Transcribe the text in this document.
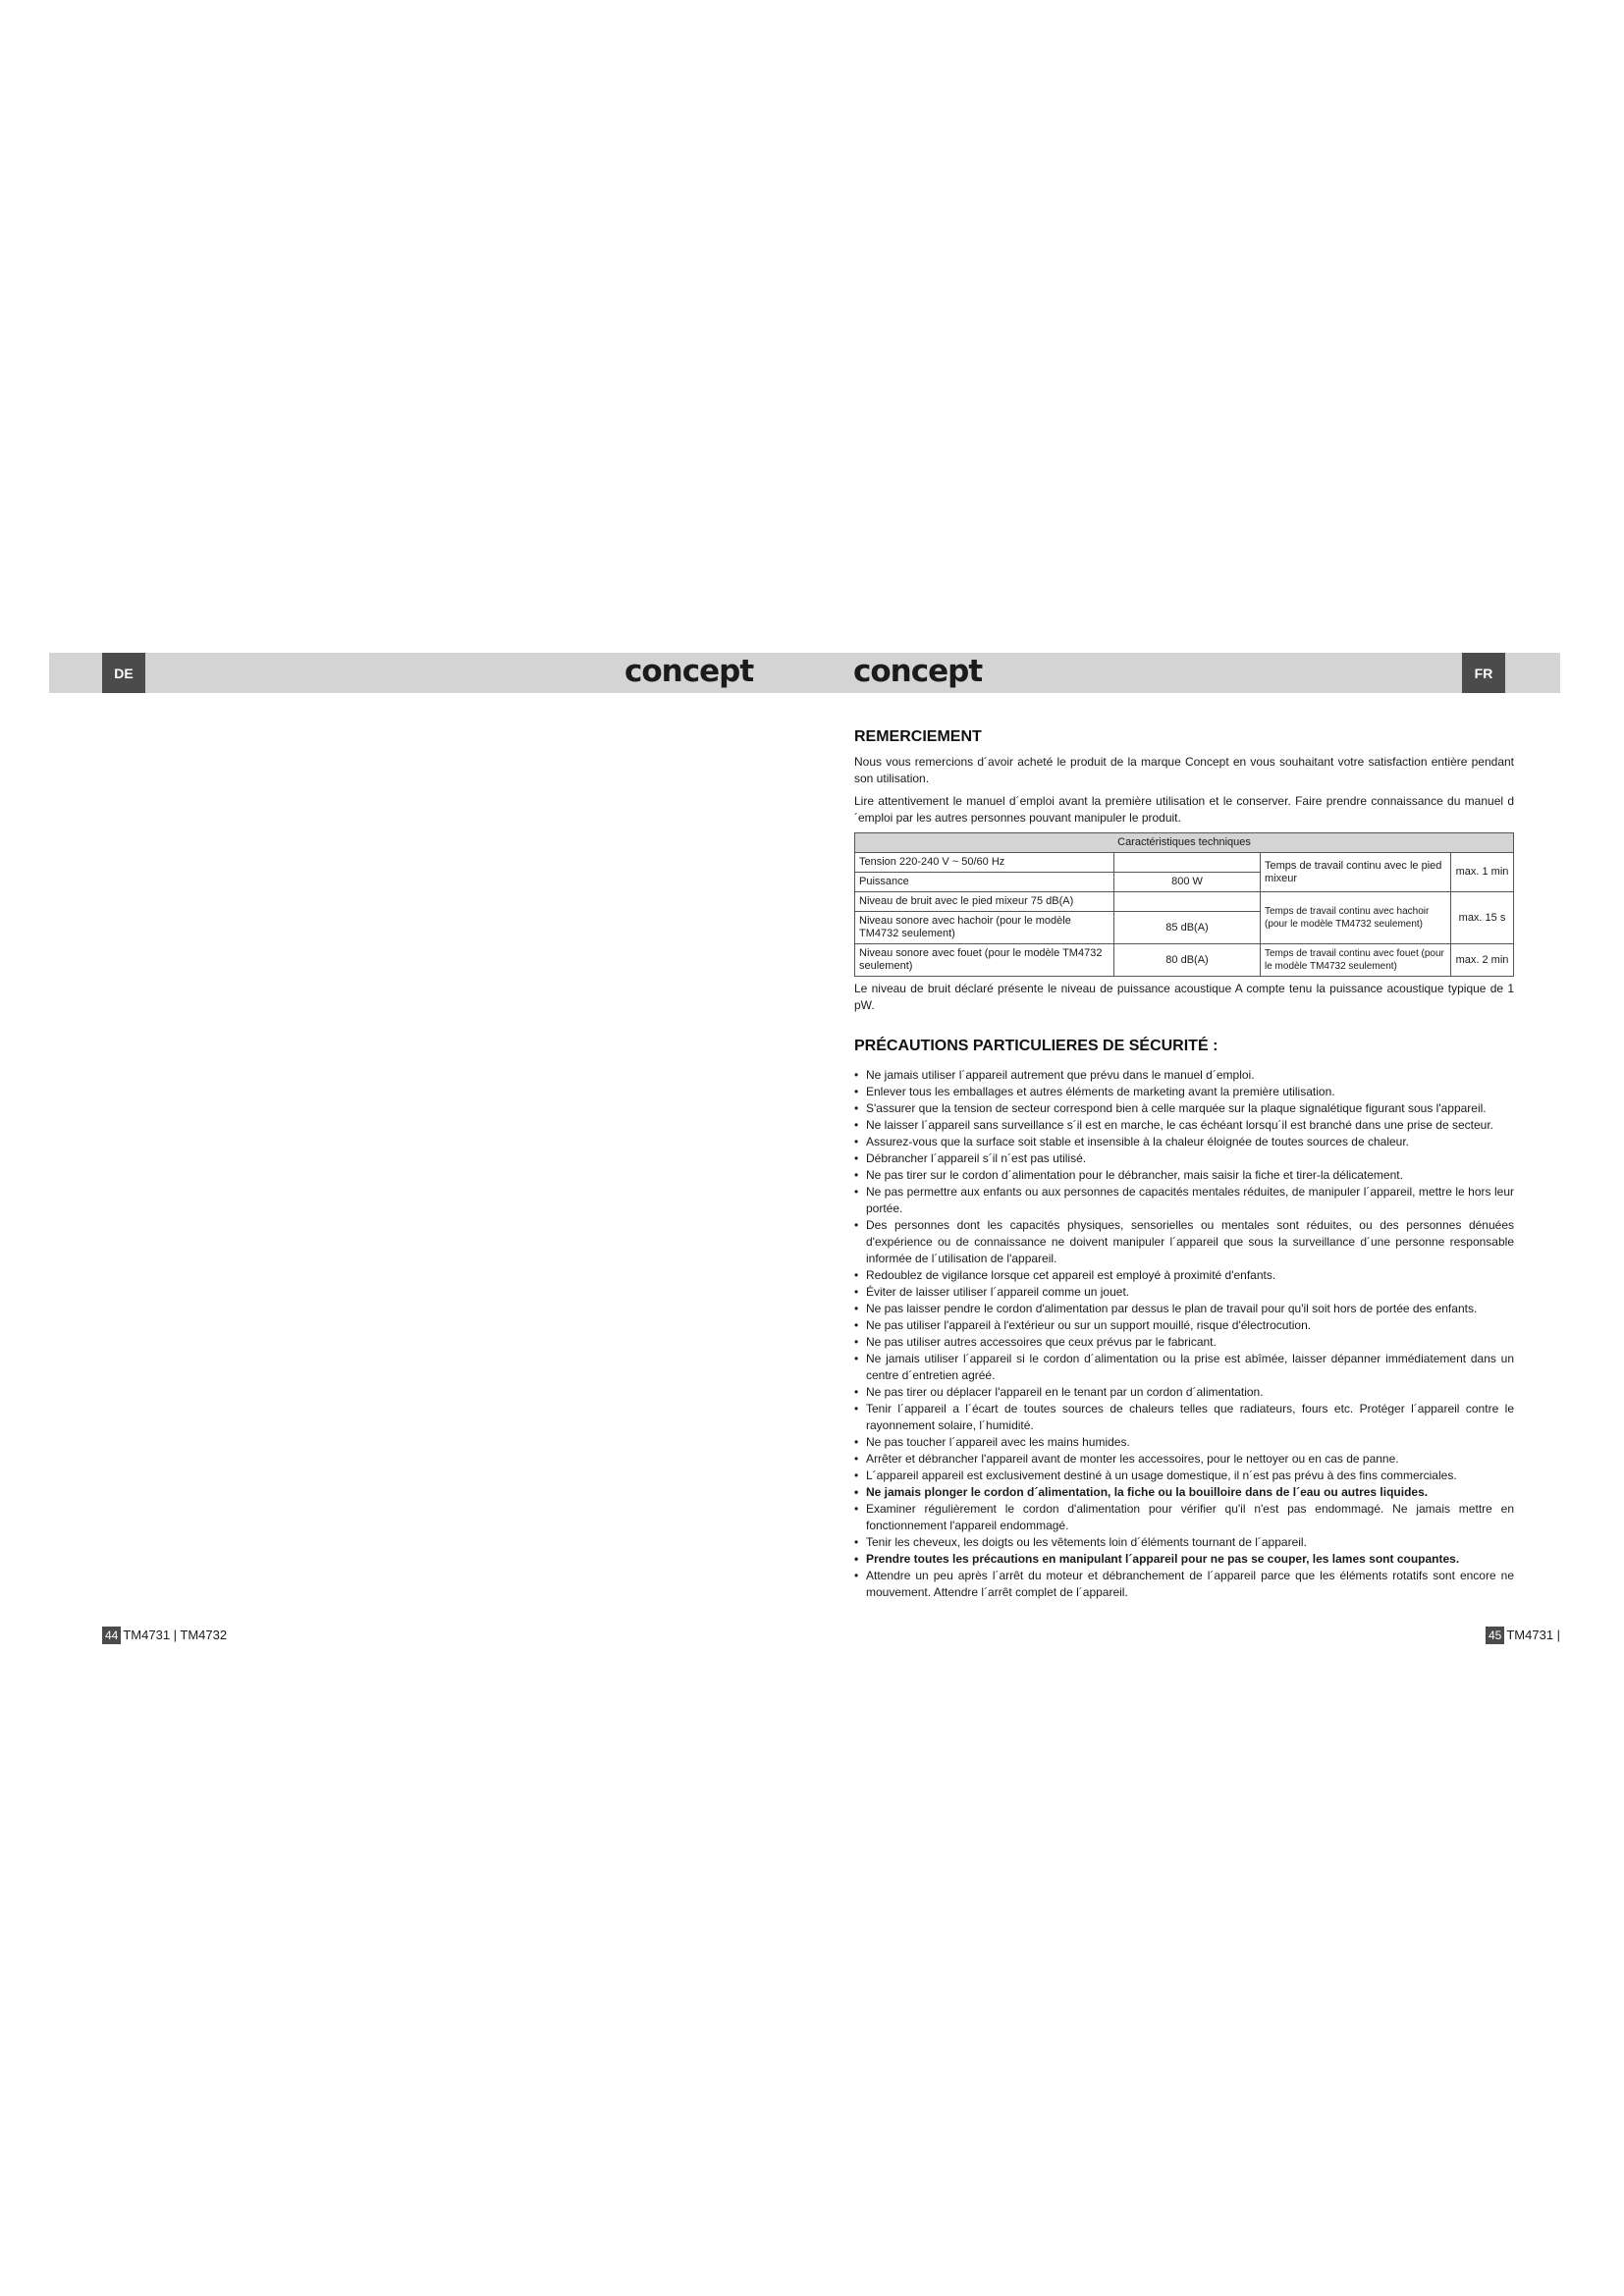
DE	FR
concept	concept
REMERCIEMENT

Nous vous remercions d´avoir acheté le produit de la marque Concept en vous souhaitant votre satisfaction entière pendant son utilisation.

Lire attentivement le manuel d´emploi avant la première utilisation et le conserver. Faire prendre connaissance du manuel d´emploi par les autres personnes pouvant manipuler le produit.

Caractéristiques techniques			
Tension 220-240 V ~ 50/60 Hz		Temps de travail continu avec le pied mixeur	max. 1 min
Puissance	800 W		
Niveau de bruit avec le pied mixeur 75 dB(A)		Temps de travail continu avec hachoir (pour le modèle TM4732 seulement)	max. 15 s
Niveau sonore avec hachoir (pour le modèle TM4732 seulement)	85 dB(A)		
Niveau sonore avec fouet (pour le modèle TM4732 seulement)	80 dB(A)	Temps de travail continu avec fouet (pour le modèle TM4732 seulement)	max. 2 min

Le niveau de bruit déclaré présente le niveau de puissance acoustique A compte tenu la puissance acoustique typique de 1 pW.

PRÉCAUTIONS PARTICULIERES DE SÉCURITÉ :
• Ne jamais utiliser l´appareil autrement que prévu dans le manuel d´emploi.
• Enlever tous les emballages et autres éléments de marketing avant la première utilisation.
• S'assurer que la tension de secteur correspond bien à celle marquée sur la plaque signalétique figurant sous l'appareil.
• Ne laisser l´appareil sans surveillance s´il est en marche, le cas échéant lorsqu´il est branché dans une prise de secteur.
• Assurez-vous que la surface soit stable et insensible à la chaleur éloignée de toutes sources de chaleur.
• Débrancher l´appareil s´il n´est pas utilisé.
• Ne pas tirer sur le cordon d´alimentation pour le débrancher, mais saisir la fiche et tirer-la délicatement.
• Ne pas permettre aux enfants ou aux personnes de capacités mentales réduites, de manipuler l´appareil, mettre le hors leur portée.
• Des personnes dont les capacités physiques, sensorielles ou mentales sont réduites, ou des personnes dénuées d'expérience ou de connaissance ne doivent manipuler l´appareil que sous la surveillance d´une personne responsable informée de l´utilisation de l'appareil.
• Redoublez de vigilance lorsque cet appareil est employé à proximité d'enfants.
• Éviter de laisser utiliser l´appareil comme un jouet.
• Ne pas laisser pendre le cordon d'alimentation par dessus le plan de travail pour qu'il soit hors de portée des enfants.
• Ne pas utiliser l'appareil à l'extérieur ou sur un support mouillé, risque d'électrocution.
• Ne pas utiliser autres accessoires que ceux prévus par le fabricant.
• Ne jamais utiliser l´appareil si le cordon d´alimentation ou la prise est abîmée, laisser dépanner immédiatement dans un centre d´entretien agréé.
• Ne pas tirer ou déplacer l'appareil en le tenant par un cordon d´alimentation.
• Tenir l´appareil a l´écart de toutes sources de chaleurs telles que radiateurs, fours etc. Protéger l´appareil contre le rayonnement solaire, l´humidité.
• Ne pas toucher l´appareil avec les mains humides.
• Arrêter et débrancher l'appareil avant de monter les accessoires, pour le nettoyer ou en cas de panne.
• L´appareil appareil est exclusivement destiné à un usage domestique, il n´est pas prévu à des fins commerciales.
• Ne jamais plonger le cordon d´alimentation, la fiche ou la bouilloire dans de l´eau ou autres liquides.
• Examiner régulièrement le cordon d'alimentation pour vérifier qu'il n'est pas endommagé. Ne jamais mettre en fonctionnement l'appareil endommagé.
• Tenir les cheveux, les doigts ou les vêtements loin d´éléments tournant de l´appareil.
• Prendre toutes les précautions en manipulant l´appareil pour ne pas se couper, les lames sont coupantes.
• Attendre un peu après l´arrêt du moteur et débranchement de l´appareil parce que les éléments rotatifs sont encore ne mouvement. Attendre l´arrêt complet de l´appareil.
44 TM4731 | TM4732	45 TM4731 |
